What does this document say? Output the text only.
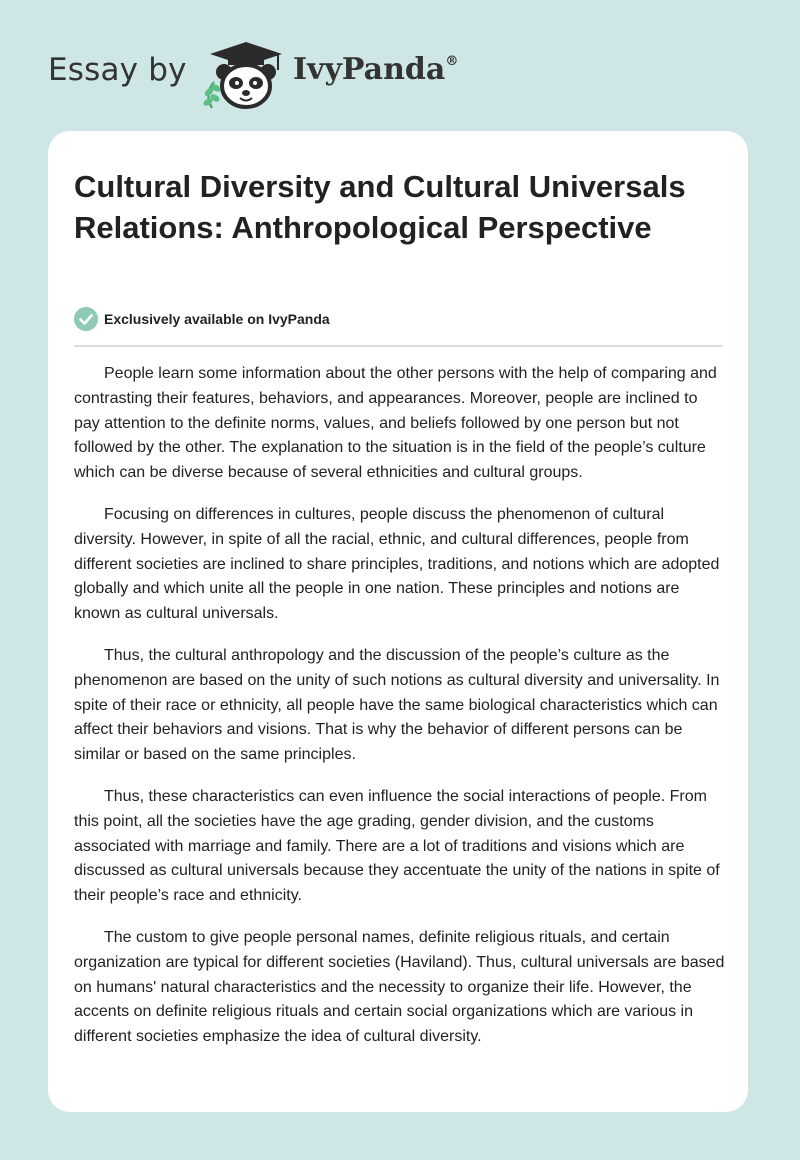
Essay by	IvyPanda®
Cultural Diversity and Cultural Universals Relations: Anthropological Perspective
Exclusively available on IvyPanda

People learn some information about the other persons with the help of comparing and contrasting their features, behaviors, and appearances. Moreover, people are inclined to pay attention to the definite norms, values, and beliefs followed by one person but not followed by the other. The explanation to the situation is in the field of the people’s culture which can be diverse because of several ethnicities and cultural groups.

Focusing on differences in cultures, people discuss the phenomenon of cultural diversity. However, in spite of all the racial, ethnic, and cultural differences, people from different societies are inclined to share principles, traditions, and notions which are adopted globally and which unite all the people in one nation. These principles and notions are known as cultural universals.

Thus, the cultural anthropology and the discussion of the people’s culture as the phenomenon are based on the unity of such notions as cultural diversity and universality. In spite of their race or ethnicity, all people have the same biological characteristics which can affect their behaviors and visions. That is why the behavior of different persons can be similar or based on the same principles.

Thus, these characteristics can even influence the social interactions of people. From this point, all the societies have the age grading, gender division, and the customs associated with marriage and family. There are a lot of traditions and visions which are discussed as cultural universals because they accentuate the unity of the nations in spite of their people’s race and ethnicity.

The custom to give people personal names, definite religious rituals, and certain organization are typical for different societies (Haviland). Thus, cultural universals are based on humans' natural characteristics and the necessity to organize their life. However, the accents on definite religious rituals and certain social organizations which are various in different societies emphasize the idea of cultural diversity.
